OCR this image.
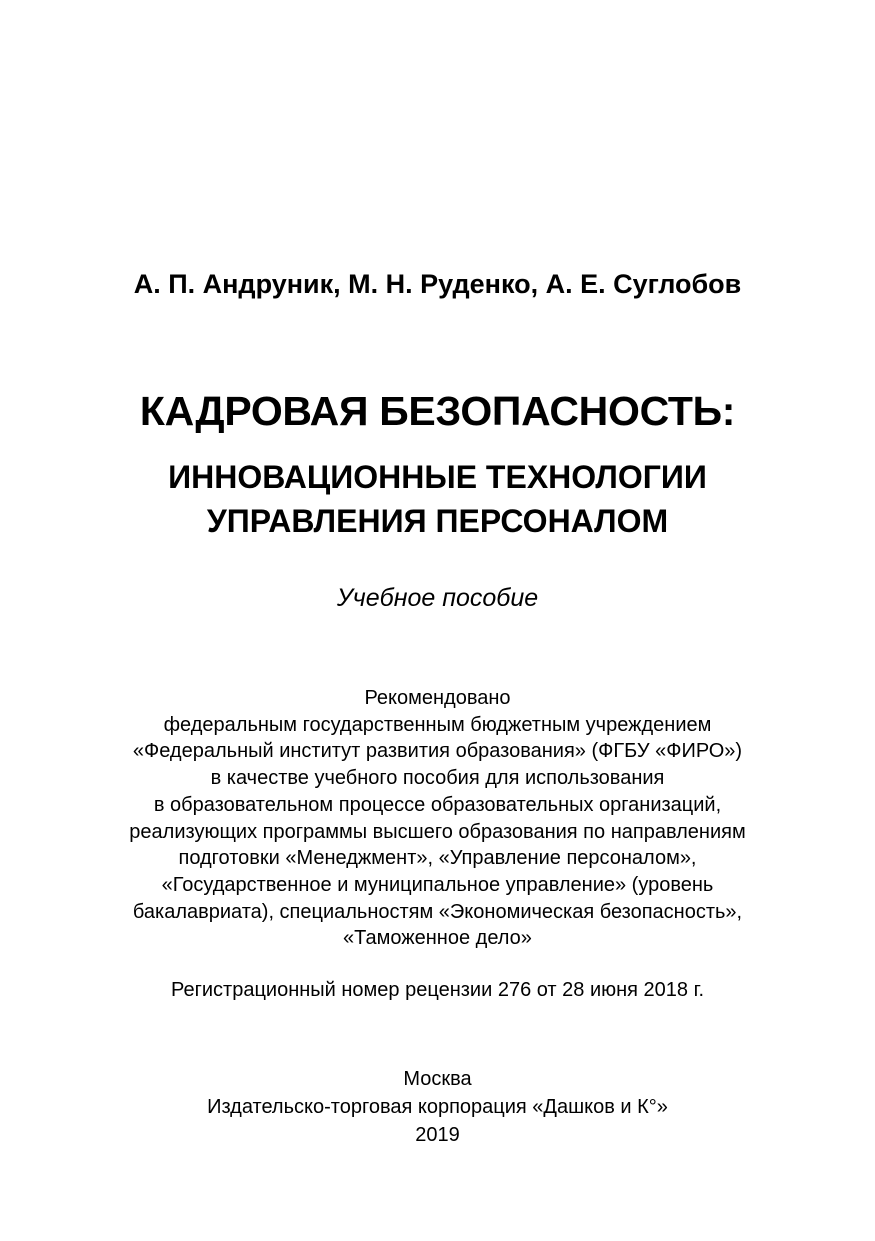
А. П. Андруник, М. Н. Руденко, А. Е. Суглобов
КАДРОВАЯ БЕЗОПАСНОСТЬ:
ИННОВАЦИОННЫЕ ТЕХНОЛОГИИ
УПРАВЛЕНИЯ ПЕРСОНАЛОМ
Учебное пособие
Рекомендовано
федеральным государственным бюджетным учреждением
«Федеральный институт развития образования» (ФГБУ «ФИРО»)
в качестве учебного пособия для использования
в образовательном процессе образовательных организаций,
реализующих программы высшего образования по направлениям
подготовки «Менеджмент», «Управление персоналом»,
«Государственное и муниципальное управление» (уровень
бакалавриата), специальностям «Экономическая безопасность»,
«Таможенное дело»
Регистрационный номер рецензии 276 от 28 июня 2018 г.
Москва
Издательско-торговая корпорация «Дашков и К°»
2019
